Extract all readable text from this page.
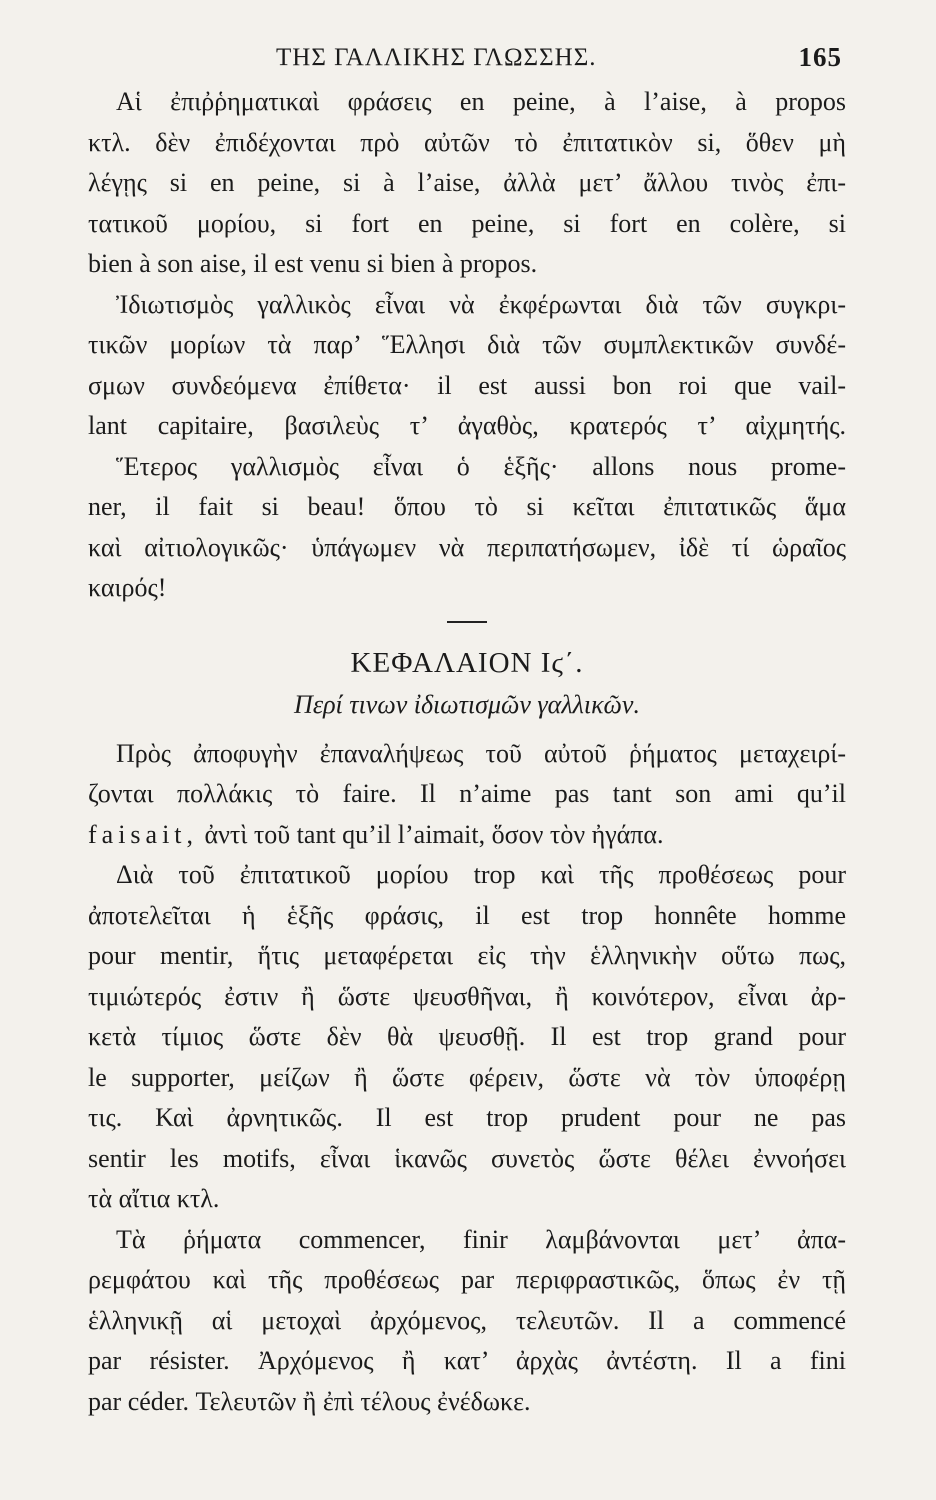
ΤΗΣ ΓΑΛΛΙΚΗΣ ΓΛΩΣΣΗΣ.	165

Αἱ ἐπιῤῥηματικαὶ φράσεις en peine, à l’aise, à propos
κτλ. δὲν ἐπιδέχονται πρὸ αὐτῶν τὸ ἐπιτατικὸν si, ὅθεν μὴ
λέγῃς si en peine, si à l’aise, ἀλλὰ μετ’ ἄλλου τινὸς ἐπι-
τατικοῦ μορίου, si fort en peine, si fort en colère, si
bien à son aise, il est venu si bien à propos.

Ἰδιωτισμὸς γαλλικὸς εἶναι νὰ ἐκφέρωνται διὰ τῶν συγκρι-
τικῶν μορίων τὰ παρ’ Ἕλλησι διὰ τῶν συμπλεκτικῶν συνδέ-
σμων συνδεόμενα ἐπίθετα· il est aussi bon roi que vail-
lant capitaire, βασιλεὺς τ’ ἀγαθὸς, κρατερός τ’ αἰχμητής.

Ἕτερος γαλλισμὸς εἶναι ὁ ἑξῆς· allons nous prome-
ner, il fait si beau! ὅπου τὸ si κεῖται ἐπιτατικῶς ἅμα
καὶ αἰτιολογικῶς· ὑπάγωμεν νὰ περιπατήσωμεν, ἰδὲ τί ὡραῖος
καιρός!

ΚΕΦΑΛΑΙΟΝ Ιϛ΄.
Περί τινων ἰδιωτισμῶν γαλλικῶν.

Πρὸς ἀποφυγὴν ἐπαναλήψεως τοῦ αὐτοῦ ῥήματος μεταχειρί-
ζονται πολλάκις τὸ faire. Il n’aime pas tant son ami qu’il
faisait, ἀντὶ τοῦ tant qu’il l’aimait, ὅσον τὸν ἠγάπα.

Διὰ τοῦ ἐπιτατικοῦ μορίου trop καὶ τῆς προθέσεως pour
ἀποτελεῖται ἡ ἑξῆς φράσις, il est trop honnête homme
pour mentir, ἥτις μεταφέρεται εἰς τὴν ἑλληνικὴν οὕτω πως,
τιμιώτερός ἐστιν ἢ ὥστε ψευσθῆναι, ἢ κοινότερον, εἶναι ἀρ-
κετὰ τίμιος ὥστε δὲν θὰ ψευσθῇ. Il est trop grand pour
le supporter, μείζων ἢ ὥστε φέρειν, ὥστε νὰ τὸν ὑποφέρῃ
τις. Καὶ ἀρνητικῶς. Il est trop prudent pour ne pas
sentir les motifs, εἶναι ἱκανῶς συνετὸς ὥστε θέλει ἐννοήσει
τὰ αἴτια κτλ.

Τὰ ῥήματα commencer, finir λαμβάνονται μετ’ ἀπα-
ρεμφάτου καὶ τῆς προθέσεως par περιφραστικῶς, ὅπως ἐν τῇ
ἑλληνικῇ αἱ μετοχαὶ ἀρχόμενος, τελευτῶν. Il a commencé
par résister. Ἀρχόμενος ἢ κατ’ ἀρχὰς ἀντέστη. Il a fini
par céder. Τελευτῶν ἢ ἐπὶ τέλους ἐνέδωκε.
